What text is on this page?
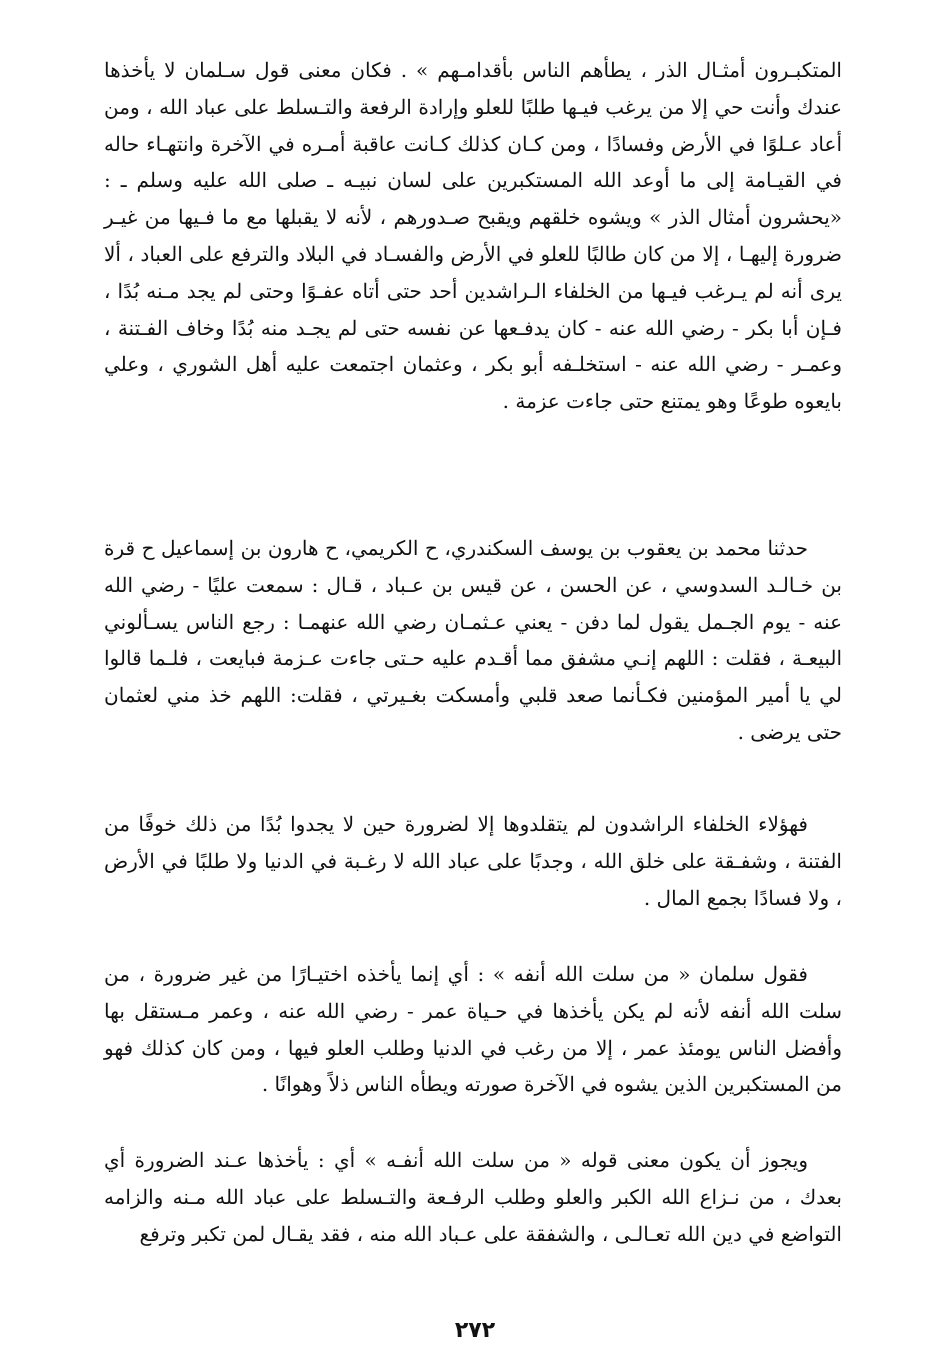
المتكبـرون أمثـال الذر ، يطأهم الناس بأقدامـهم » . فكان معنى قول سـلمان لا يأخذها عندك وأنت حي إلا من يرغب فيـها طلبًا للعلو وإرادة الرفعة والتـسلط على عباد الله ، ومن أعاد عـلوًا في الأرض وفسادًا ، ومن كـان كذلك كـانت عاقبة أمـره في الآخرة وانتهـاء حاله في القيـامة إلى ما أوعد الله المستكبرين على لسان نبيـه ـ صلى الله عليه وسلم ـ : «يحشرون أمثال الذر » ويشوه خلقهم ويقبح صـدورهم ، لأنه لا يقبلها مع ما فـيها من غيـر ضرورة إليهـا ، إلا من كان طالبًا للعلو في الأرض والفسـاد في البلاد والترفع على العباد ، ألا يرى أنه لم يـرغب فيـها من الخلفاء الـراشدين أحد حتى أتاه عفـوًا وحتى لم يجد مـنه بُدًا ، فـإن أبا بكر - رضي الله عنه - كان يدفـعها عن نفسه حتى لم يجـد منه بُدًا وخاف الفـتنة ، وعمـر - رضي الله عنه - استخلـفه أبو بكر ، وعثمان اجتمعت عليه أهل الشوري ، وعلي بايعوه طوعًا وهو يمتنع حتى جاءت عزمة .

حدثنا محمد بن يعقوب بن يوسف السكندري، ح الكريمي، ح هارون بن إسماعيل ح قرة بن خـالـد السدوسي ، عن الحسن ، عن قيس بن عـباد ، قـال : سمعت عليًا - رضي الله عنه - يوم الجـمل يقول لما دفن - يعني عـثمـان رضي الله عنهمـا : رجع الناس يسـألوني البيعـة ، فقلت : اللهم إنـي مشفق مما أقـدم عليه حـتى جاءت عـزمة فبايعت ، فلـما قالوا لي يا أمير المؤمنين فكـأنما صعد قلبي وأمسكت بغـيرتي ، فقلت: اللهم خذ مني لعثمان حتى يرضى .

فهؤلاء الخلفاء الراشدون لم يتقلدوها إلا لضرورة حين لا يجدوا بُدًا من ذلك خوفًا من الفتنة ، وشفـقة على خلق الله ، وجدبًا على عباد الله لا رغـبة في الدنيا ولا طلبًا في الأرض ، ولا فسادًا بجمع المال .

فقول سلمان « من سلت الله أنفه » : أي إنما يأخذه اختيـارًا من غير ضرورة ، من سلت الله أنفه لأنه لم يكن يأخذها في حـياة عمر - رضي الله عنه ، وعمر مـستقل بها وأفضل الناس يومئذ عمر ، إلا من رغب في الدنيا وطلب العلو فيها ، ومن كان كذلك فهو من المستكبرين الذين يشوه في الآخرة صورته ويطأه الناس ذلاً وهوانًا .

ويجوز أن يكون معنى قوله « من سلت الله أنفـه » أي : يأخذها عـند الضرورة أي بعدك ، من نـزاع الله الكبر والعلو وطلب الرفـعة والتـسلط على عباد الله مـنه والزامه التواضع في دين الله تعـالـى ، والشفقة على عـباد الله منه ، فقد يقـال لمن تكبر وترفع

٢٧٢
